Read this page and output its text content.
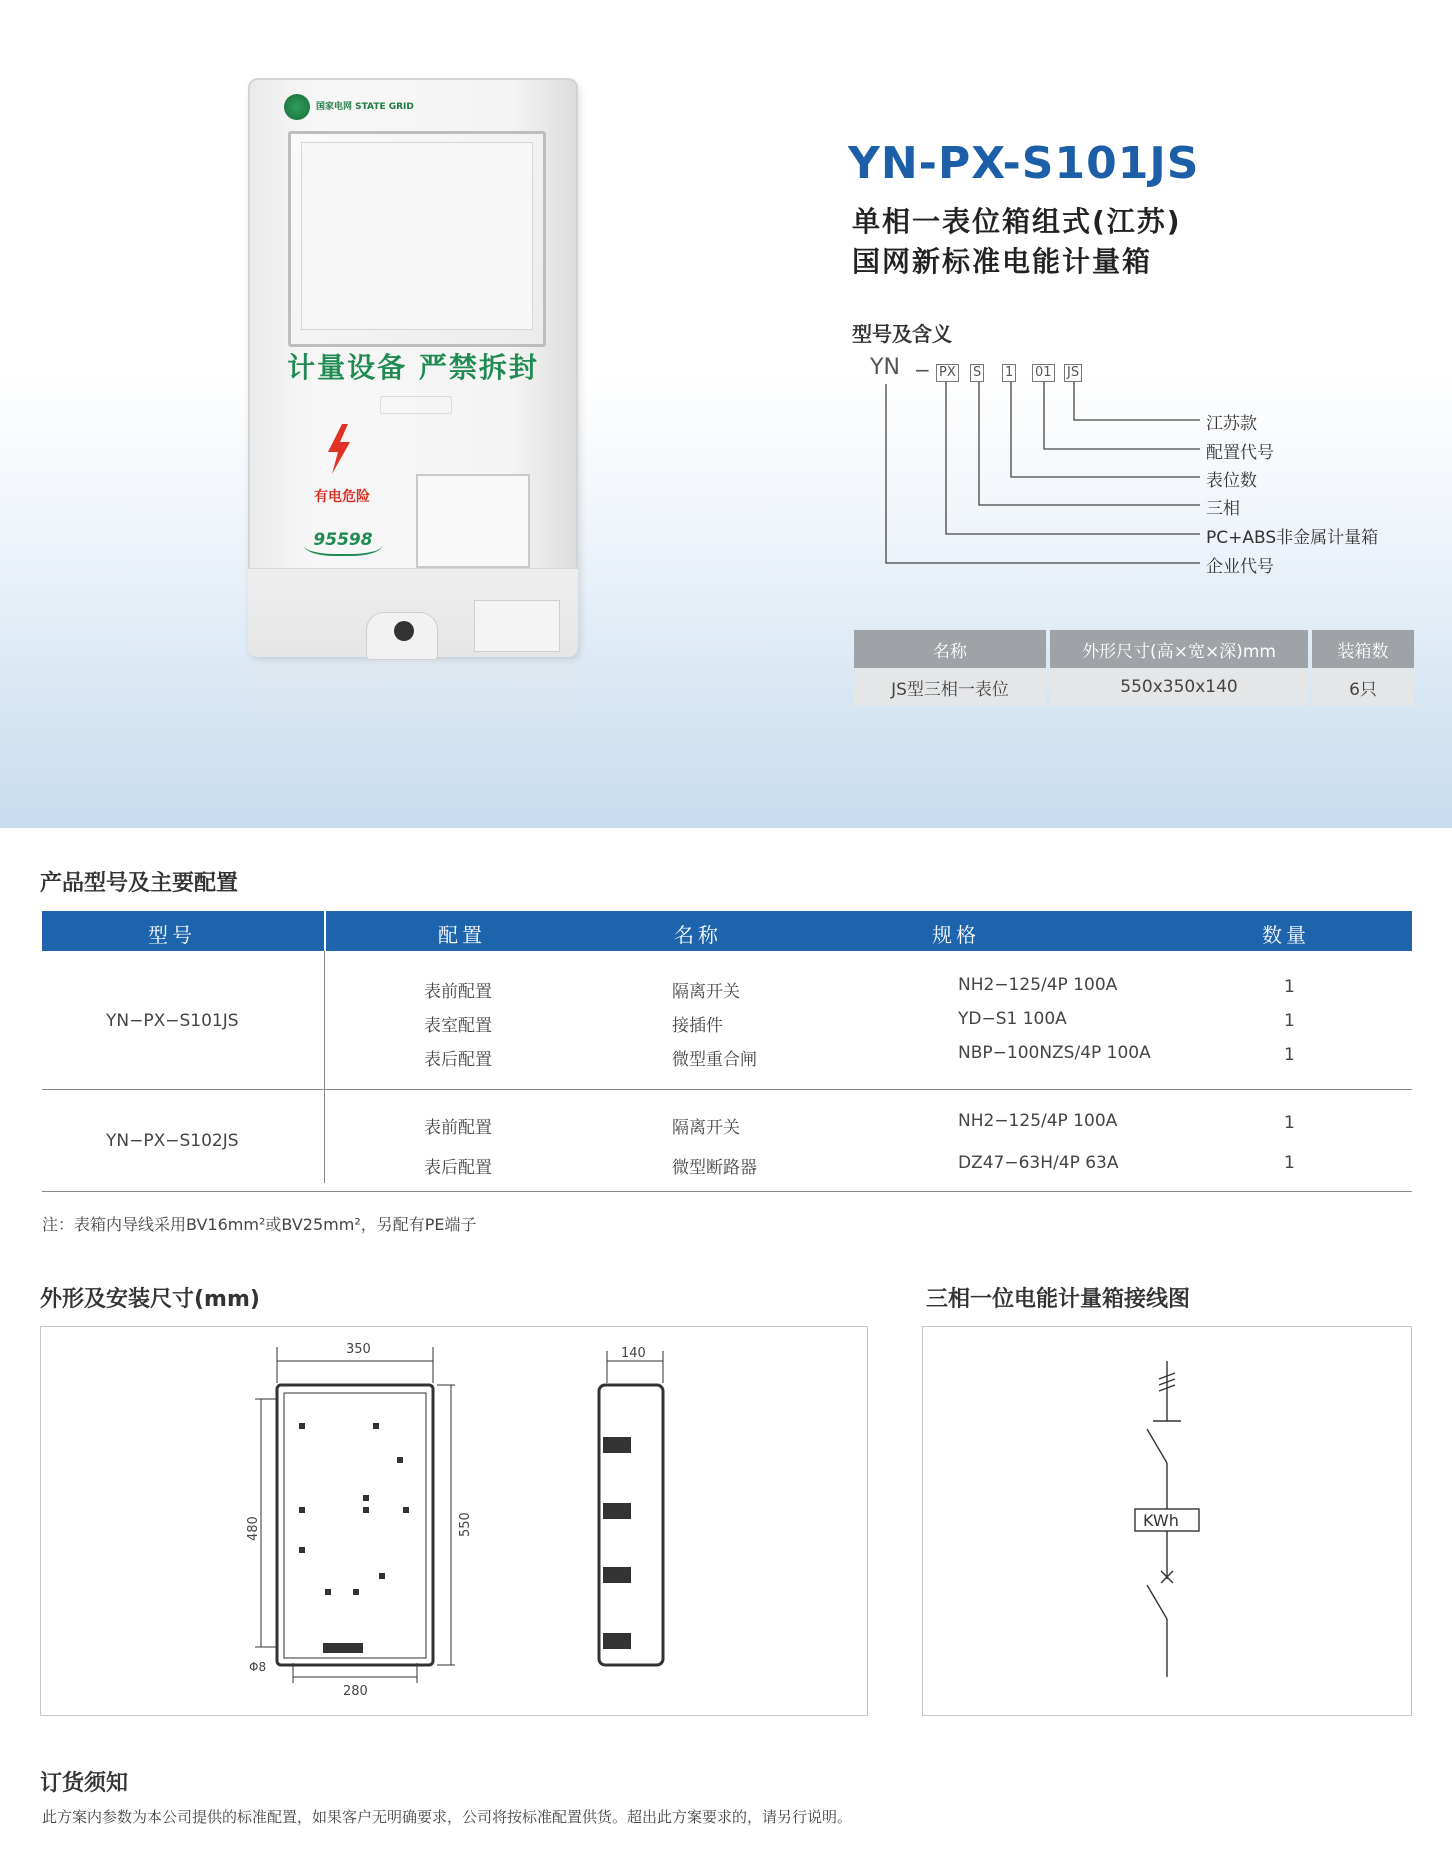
国家电网 STATE GRID
计量设备 严禁拆封
有电危险
95598
YN-PX-S101JS
单相一表位箱组式(江苏)
国网新标准电能计量箱
型号及含义
YN − PX S 1 01 JS
江苏款
配置代号
表位数
三相
PC+ABS非金属计量箱
企业代号
名称	外形尺寸(高×宽×深)mm	装箱数
JS型三相一表位	550x350x140	6只
产品型号及主要配置
型号	配置	名称	规格	数量
YN−PX−S101JS
表前配置	隔离开关	NH2−125/4P 100A	1
表室配置	接插件	YD−S1 100A	1
表后配置	微型重合闸	NBP−100NZS/4P 100A	1
YN−PX−S102JS
表前配置	隔离开关	NH2−125/4P 100A	1
表后配置	微型断路器	DZ47−63H/4P 63A	1
注：表箱内导线采用BV16mm²或BV25mm²，另配有PE端子
外形及安装尺寸(mm)
350
480	550
280
Φ8
140
三相一位电能计量箱接线图
KWh
订货须知
此方案内参数为本公司提供的标准配置，如果客户无明确要求，公司将按标准配置供货。超出此方案要求的，请另行说明。
